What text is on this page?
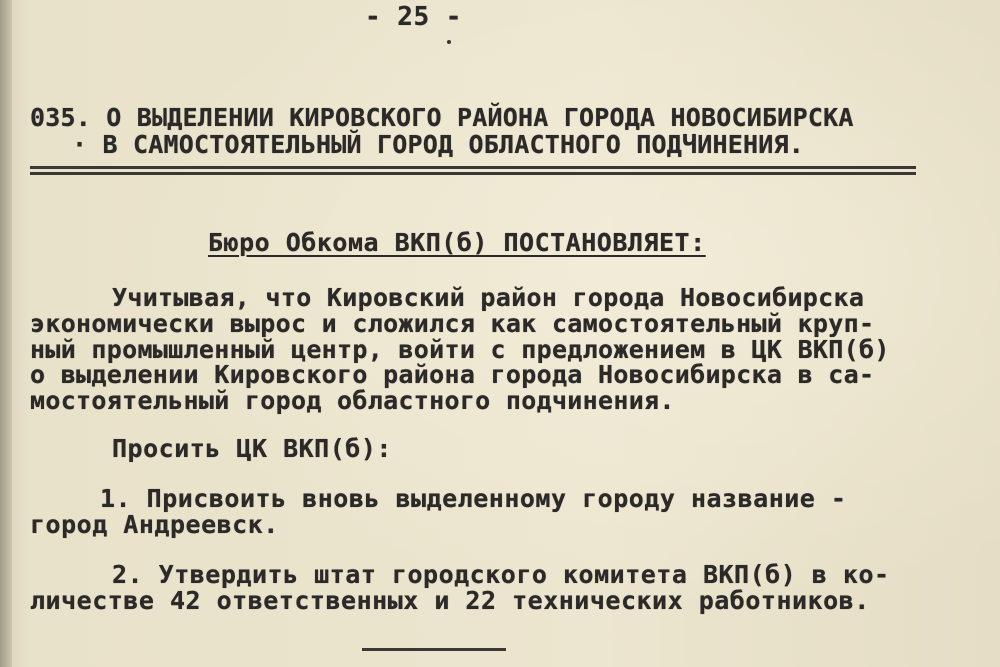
- 25 -
035. О ВЫДЕЛЕНИИ КИРОВСКОГО РАЙОНА ГОРОДА НОВОСИБИРСКА
· В САМОСТОЯТЕЛЬНЫЙ ГОРОД ОБЛАСТНОГО ПОДЧИНЕНИЯ.
Бюро Обкома ВКП(б) ПОСТАНОВЛЯЕТ:
Учитывая, что Кировский район города Новосибирска
экономически вырос и сложился как самостоятельный круп-
ный промышленный центр, войти с предложением в ЦК ВКП(б)
о выделении Кировского района города Новосибирска в са-
мостоятельный город областного подчинения.
Просить ЦК ВКП(б):
1. Присвоить вновь выделенному городу название -
город Андреевск.
2. Утвердить штат городского комитета ВКП(б) в ко-
личестве 42 ответственных и 22 технических работников.
